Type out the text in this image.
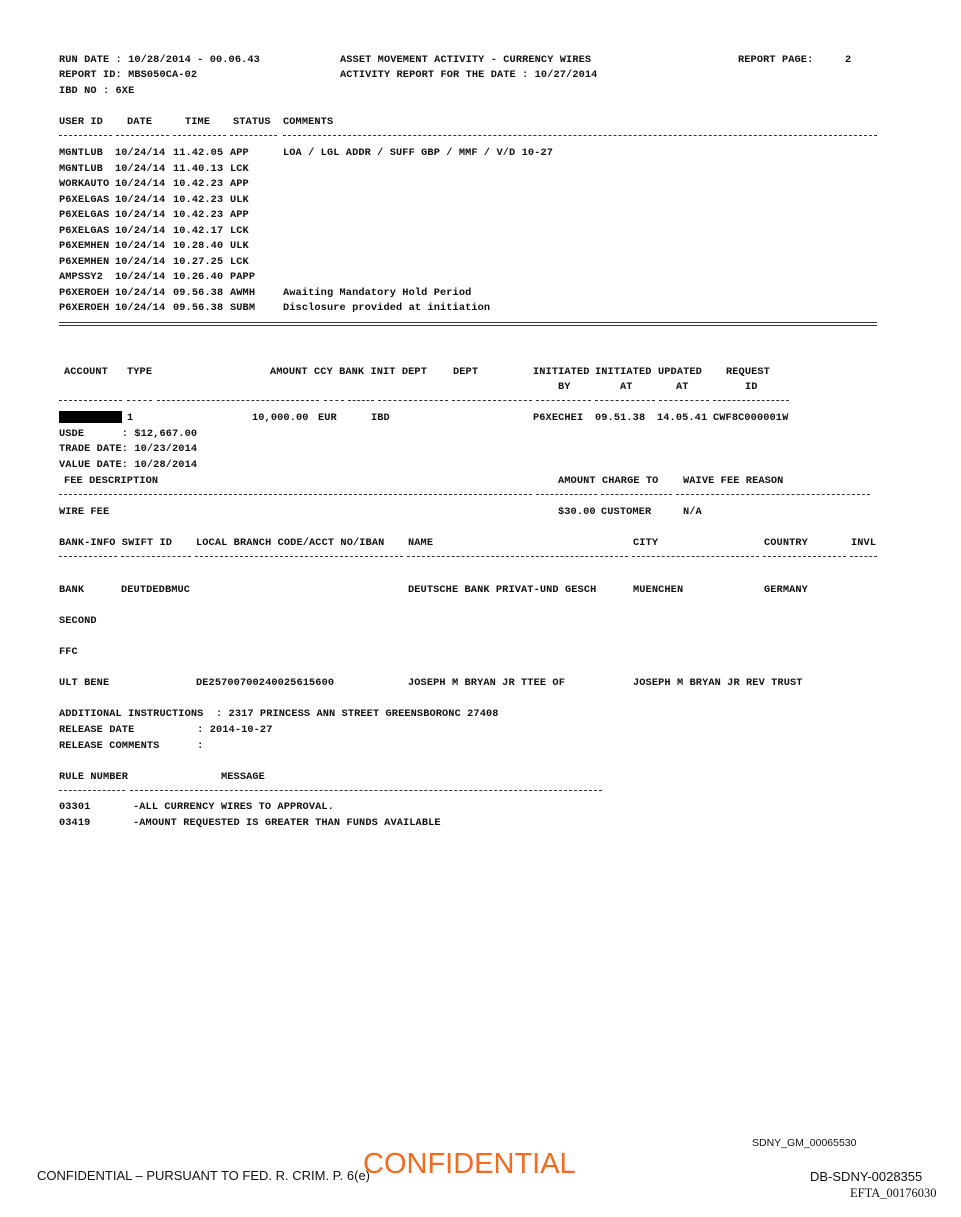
RUN DATE : 10/28/2014 - 00.06.43	ASSET MOVEMENT ACTIVITY - CURRENCY WIRES	REPORT PAGE:	2
REPORT ID: MBS050CA-02	ACTIVITY REPORT FOR THE DATE : 10/27/2014
IBD NO : 6XE
USER ID DATE	TIME STATUS COMMENTS
MGNTLUB 10/24/14 11.42.05 APP	LOA / LGL ADDR / SUFF GBP / MMF / V/D 10-27
MGNTLUB 10/24/14 11.40.13 LCK
WORKAUTO 10/24/14 10.42.23 APP
P6XELGAS 10/24/14 10.42.23 ULK
P6XELGAS 10/24/14 10.42.23 APP
P6XELGAS 10/24/14 10.42.17 LCK
P6XEMHEN 10/24/14 10.28.40 ULK
P6XEMHEN 10/24/14 10.27.25 LCK
AMPSSY2 10/24/14 10.26.40 PAPP
P6XEROEH 10/24/14 09.56.38 AWMH	Awaiting Mandatory Hold Period
P6XEROEH 10/24/14 09.56.38 SUBM	Disclosure provided at initiation
ACCOUNT TYPE	AMOUNT CCY BANK INIT DEPT	DEPT	INITIATED INITIATED UPDATED REQUEST
BY	AT	AT	ID
1	10,000.00 EUR	IBD	P6XECHEI 09.51.38 14.05.41 CWF8C000001W
USDE      : $12,667.00
TRADE DATE: 10/23/2014
VALUE DATE: 10/28/2014
FEE DESCRIPTION	AMOUNT CHARGE TO WAIVE FEE REASON
WIRE FEE	$30.00 CUSTOMER	N/A
BANK-INFO SWIFT ID LOCAL BRANCH CODE/ACCT NO/IBAN NAME	CITY	COUNTRY	INVL
BANK	DEUTDEDBMUC	DEUTSCHE BANK PRIVAT-UND GESCH	MUENCHEN	GERMANY
SECOND
FFC
ULT BENE	DE25700700240025615600	JOSEPH M BRYAN JR TTEE OF	JOSEPH M BRYAN JR REV TRUST
ADDITIONAL INSTRUCTIONS  : 2317 PRINCESS ANN STREET GREENSBORONC 27408
RELEASE DATE          : 2014-10-27
RELEASE COMMENTS      :
RULE NUMBER	MESSAGE
03301	-ALL CURRENCY WIRES TO APPROVAL.
03419	-AMOUNT REQUESTED IS GREATER THAN FUNDS AVAILABLE
SDNY_GM_00065530
CONFIDENTIAL – PURSUANT TO FED. R. CRIM. P. 6(e)
CONFIDENTIAL	DB-SDNY-0028355
EFTA_00176030
